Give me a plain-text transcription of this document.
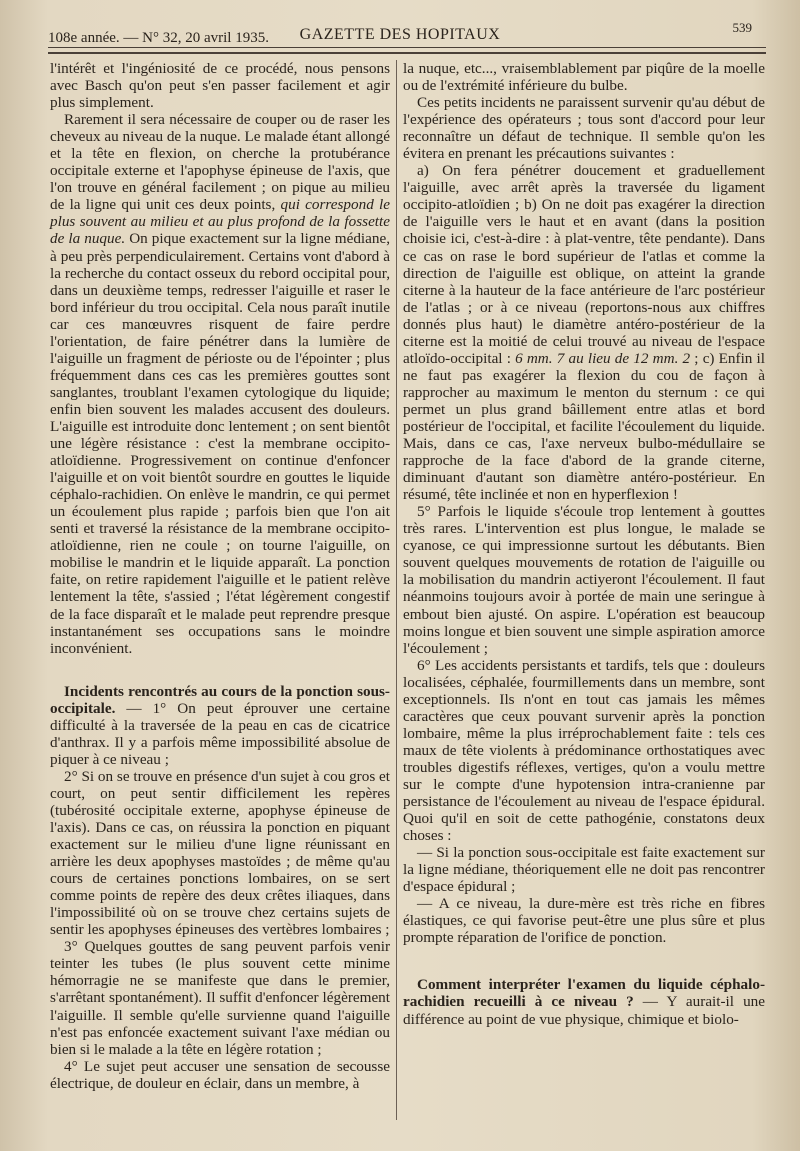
108e année. — N° 32, 20 avril 1935.	GAZETTE DES HOPITAUX	539

l'intérêt et l'ingéniosité de ce procédé, nous pensons avec Basch qu'on peut s'en passer facilement et agir plus simplement.

Rarement il sera nécessaire de couper ou de raser les cheveux au niveau de la nuque. Le malade étant allongé et la tête en flexion, on cherche la protubérance occipitale externe et l'apophyse épineuse de l'axis, que l'on trouve en général facilement ; on pique au milieu de la ligne qui unit ces deux points, qui correspond le plus souvent au milieu et au plus profond de la fossette de la nuque. On pique exactement sur la ligne médiane, à peu près perpendiculairement. Certains vont d'abord à la recherche du contact osseux du rebord occipital pour, dans un deuxième temps, redresser l'aiguille et raser le bord inférieur du trou occipital. Cela nous paraît inutile car ces manœuvres risquent de faire perdre l'orientation, de faire pénétrer dans la lumière de l'aiguille un fragment de périoste ou de l'épointer ; plus fréquemment dans ces cas les premières gouttes sont sanglantes, troublant l'examen cytologique du liquide; enfin bien souvent les malades accusent des douleurs. L'aiguille est introduite donc lentement ; on sent bientôt une légère résistance : c'est la membrane occipito-atloïdienne. Progressivement on continue d'enfoncer l'aiguille et on voit bientôt sourdre en gouttes le liquide céphalo-rachidien. On enlève le mandrin, ce qui permet un écoulement plus rapide ; parfois bien que l'on ait senti et traversé la résistance de la membrane occipito-atloïdienne, rien ne coule ; on tourne l'aiguille, on mobilise le mandrin et le liquide apparaît. La ponction faite, on retire rapidement l'aiguille et le patient relève lentement la tête, s'assied ; l'état légèrement congestif de la face disparaît et le malade peut reprendre presque instantanément ses occupations sans le moindre inconvénient.

Incidents rencontrés au cours de la ponction sous-occipitale. — 1° On peut éprouver une certaine difficulté à la traversée de la peau en cas de cicatrice d'anthrax. Il y a parfois même impossibilité absolue de piquer à ce niveau ;

2° Si on se trouve en présence d'un sujet à cou gros et court, on peut sentir difficilement les repères (tubérosité occipitale externe, apophyse épineuse de l'axis). Dans ce cas, on réussira la ponction en piquant exactement sur le milieu d'une ligne réunissant en arrière les deux apophyses mastoïdes ; de même qu'au cours de certaines ponctions lombaires, on se sert comme points de repère des deux crêtes iliaques, dans l'impossibilité où on se trouve chez certains sujets de sentir les apophyses épineuses des vertèbres lombaires ;

3° Quelques gouttes de sang peuvent parfois venir teinter les tubes (le plus souvent cette minime hémorragie ne se manifeste que dans le premier, s'arrêtant spontanément). Il suffit d'enfoncer légèrement l'aiguille. Il semble qu'elle survienne quand l'aiguille n'est pas enfoncée exactement suivant l'axe médian ou bien si le malade a la tête en légère rotation ;

4° Le sujet peut accuser une sensation de secousse électrique, de douleur en éclair, dans un membre, à

la nuque, etc..., vraisemblablement par piqûre de la moelle ou de l'extrémité inférieure du bulbe.

Ces petits incidents ne paraissent survenir qu'au début de l'expérience des opérateurs ; tous sont d'accord pour leur reconnaître un défaut de technique. Il semble qu'on les évitera en prenant les précautions suivantes :

a) On fera pénétrer doucement et graduellement l'aiguille, avec arrêt après la traversée du ligament occipito-atloïdien ; b) On ne doit pas exagérer la direction de l'aiguille vers le haut et en avant (dans la position choisie ici, c'est-à-dire : à plat-ventre, tête pendante). Dans ce cas on rase le bord supérieur de l'atlas et comme la direction de l'aiguille est oblique, on atteint la grande citerne à la hauteur de la face antérieure de l'arc postérieur de l'atlas ; or à ce niveau (reportons-nous aux chiffres donnés plus haut) le diamètre antéro-postérieur de la citerne est la moitié de celui trouvé au niveau de l'espace atloïdo-occipital : 6 mm. 7 au lieu de 12 mm. 2 ; c) Enfin il ne faut pas exagérer la flexion du cou de façon à rapprocher au maximum le menton du sternum : ce qui permet un plus grand bâillement entre atlas et bord postérieur de l'occipital, et facilite l'écoulement du liquide. Mais, dans ce cas, l'axe nerveux bulbo-médullaire se rapproche de la face d'abord de la grande citerne, diminuant d'autant son diamètre antéro-postérieur. En résumé, tête inclinée et non en hyperflexion !

5° Parfois le liquide s'écoule trop lentement à gouttes très rares. L'intervention est plus longue, le malade se cyanose, ce qui impressionne surtout les débutants. Bien souvent quelques mouvements de rotation de l'aiguille ou la mobilisation du mandrin actiyeront l'écoulement. Il faut néanmoins toujours avoir à portée de main une seringue à embout bien ajusté. On aspire. L'opération est beaucoup moins longue et bien souvent une simple aspiration amorce l'écoulement ;

6° Les accidents persistants et tardifs, tels que : douleurs localisées, céphalée, fourmillements dans un membre, sont exceptionnels. Ils n'ont en tout cas jamais les mêmes caractères que ceux pouvant survenir après la ponction lombaire, même la plus irréprochablement faite : tels ces maux de tête violents à prédominance orthostatiques avec troubles digestifs réflexes, vertiges, qu'on a voulu mettre sur le compte d'une hypotension intra-cranienne par persistance de l'écoulement au niveau de l'espace épidural. Quoi qu'il en soit de cette pathogénie, constatons deux choses :

— Si la ponction sous-occipitale est faite exactement sur la ligne médiane, théoriquement elle ne doit pas rencontrer d'espace épidural ;

— A ce niveau, la dure-mère est très riche en fibres élastiques, ce qui favorise peut-être une plus sûre et plus prompte réparation de l'orifice de ponction.

Comment interpréter l'examen du liquide céphalo-rachidien recueilli à ce niveau ? — Y aurait-il une différence au point de vue physique, chimique et biolo-
